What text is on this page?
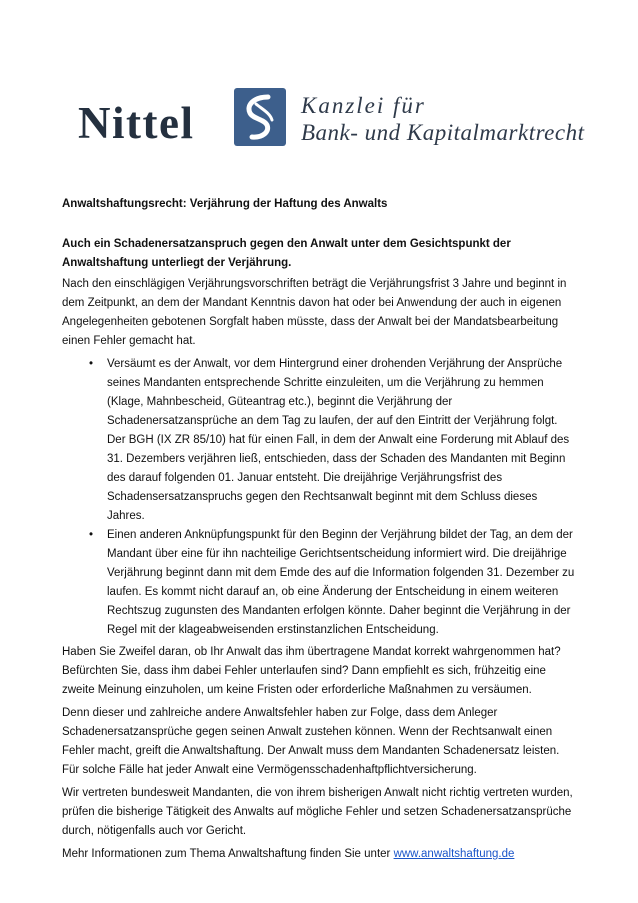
Nittel	Kanzlei für
Bank- und Kapitalmarktrecht

Anwaltshaftungsrecht: Verjährung der Haftung des Anwalts

Auch ein Schadenersatzanspruch gegen den Anwalt unter dem Gesichtspunkt der Anwaltshaftung unterliegt der Verjährung.

Nach den einschlägigen Verjährungsvorschriften beträgt die Verjährungsfrist 3 Jahre und beginnt in dem Zeitpunkt, an dem der Mandant Kenntnis davon hat oder bei Anwendung der auch in eigenen Angelegenheiten gebotenen Sorgfalt haben müsste, dass der Anwalt bei der Mandatsbearbeitung einen Fehler gemacht hat.

• Versäumt es der Anwalt, vor dem Hintergrund einer drohenden Verjährung der Ansprüche seines Mandanten entsprechende Schritte einzuleiten, um die Verjährung zu hemmen (Klage, Mahnbescheid, Güteantrag etc.), beginnt die Verjährung der Schadenersatzansprüche an dem Tag zu laufen, der auf den Eintritt der Verjährung folgt. Der BGH (IX ZR 85/10) hat für einen Fall, in dem der Anwalt eine Forderung mit Ablauf des 31. Dezembers verjähren ließ, entschieden, dass der Schaden des Mandanten mit Beginn des darauf folgenden 01. Januar entsteht. Die dreijährige Verjährungsfrist des Schadensersatzanspruchs gegen den Rechtsanwalt beginnt mit dem Schluss dieses Jahres.
• Einen anderen Anknüpfungspunkt für den Beginn der Verjährung bildet der Tag, an dem der Mandant über eine für ihn nachteilige Gerichtsentscheidung informiert wird. Die dreijährige Verjährung beginnt dann mit dem Emde des auf die Information folgenden 31. Dezember zu laufen. Es kommt nicht darauf an, ob eine Änderung der Entscheidung in einem weiteren Rechtszug zugunsten des Mandanten erfolgen könnte. Daher beginnt die Verjährung in der Regel mit der klageabweisenden erstinstanzlichen Entscheidung.

Haben Sie Zweifel daran, ob Ihr Anwalt das ihm übertragene Mandat korrekt wahrgenommen hat? Befürchten Sie, dass ihm dabei Fehler unterlaufen sind? Dann empfiehlt es sich, frühzeitig eine zweite Meinung einzuholen, um keine Fristen oder erforderliche Maßnahmen zu versäumen.

Denn dieser und zahlreiche andere Anwaltsfehler haben zur Folge, dass dem Anleger Schadenersatzansprüche gegen seinen Anwalt zustehen können. Wenn der Rechtsanwalt einen Fehler macht, greift die Anwaltshaftung. Der Anwalt muss dem Mandanten Schadenersatz leisten. Für solche Fälle hat jeder Anwalt eine Vermögensschadenhaftpflichtversicherung.

Wir vertreten bundesweit Mandanten, die von ihrem bisherigen Anwalt nicht richtig vertreten wurden, prüfen die bisherige Tätigkeit des Anwalts auf mögliche Fehler und setzen Schadenersatzansprüche durch, nötigenfalls auch vor Gericht.

Mehr Informationen zum Thema Anwaltshaftung finden Sie unter www.anwaltshaftung.de
